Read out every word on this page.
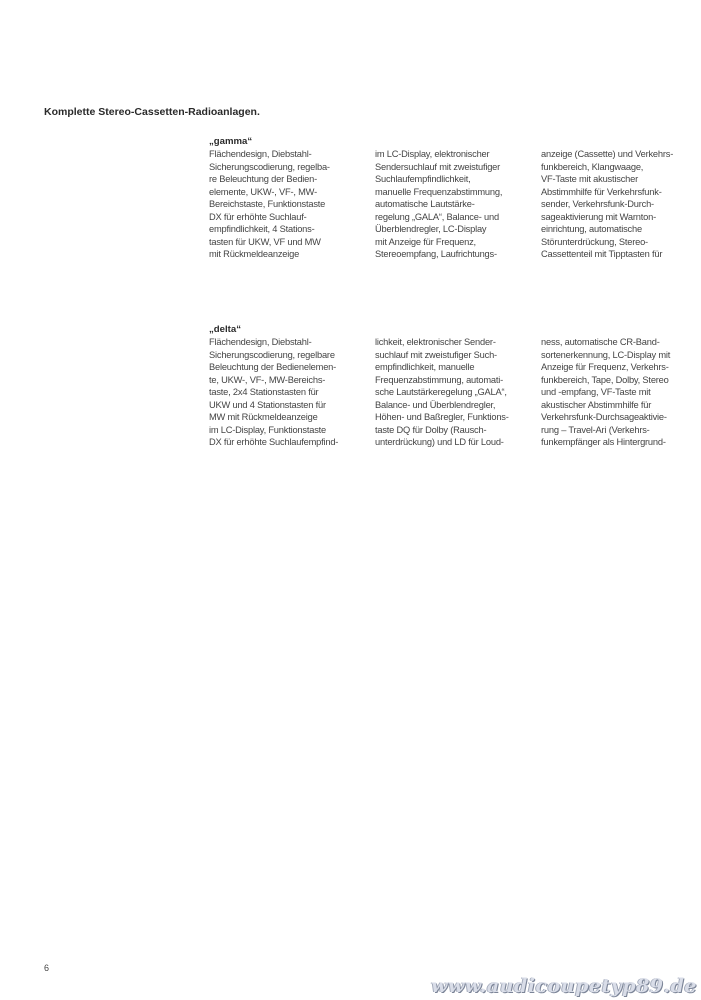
Komplette Stereo-Cassetten-Radioanlagen.
„gamma“

Flächendesign, Diebstahl-
Sicherungscodierung, regelba-
re Beleuchtung der Bedien-
elemente, UKW-, VF-, MW-
Bereichstaste, Funktionstaste
DX für erhöhte Suchlauf-
empfindlichkeit, 4 Stations-
tasten für UKW, VF und MW
mit Rückmeldeanzeige

im LC-Display, elektronischer
Sendersuchlauf mit zweistufiger
Suchlaufempfindlichkeit,
manuelle Frequenzabstimmung,
automatische Lautstärke-
regelung „GALA“, Balance- und
Überblendregler, LC-Display
mit Anzeige für Frequenz,
Stereoempfang, Laufrichtungs-

anzeige (Cassette) und Verkehrs-
funkbereich, Klangwaage,
VF-Taste mit akustischer
Abstimmhilfe für Verkehrsfunk-
sender, Verkehrsfunk-Durch-
sageaktivierung mit Warnton-
einrichtung, automatische
Störunterdrückung, Stereo-
Cassettenteil mit Tipptasten für

„delta“

Flächendesign, Diebstahl-
Sicherungscodierung, regelbare
Beleuchtung der Bedienelemen-
te, UKW-, VF-, MW-Bereichs-
taste, 2x4 Stationstasten für
UKW und 4 Stationstasten für
MW mit Rückmeldeanzeige
im LC-Display, Funktionstaste
DX für erhöhte Suchlaufempfind-

lichkeit, elektronischer Sender-
suchlauf mit zweistufiger Such-
empfindlichkeit, manuelle
Frequenzabstimmung, automati-
sche Lautstärkeregelung „GALA“,
Balance- und Überblendregler,
Höhen- und Baßregler, Funktions-
taste DQ für Dolby (Rausch-
unterdrückung) und LD für Loud-

ness, automatische CR-Band-
sortenerkennung, LC-Display mit
Anzeige für Frequenz, Verkehrs-
funkbereich, Tape, Dolby, Stereo
und -empfang, VF-Taste mit
akustischer Abstimmhilfe für
Verkehrsfunk-Durchsageaktivie-
rung – Travel-Ari (Verkehrs-
funkempfänger als Hintergrund-

6

www.audicoupetyp89.de
